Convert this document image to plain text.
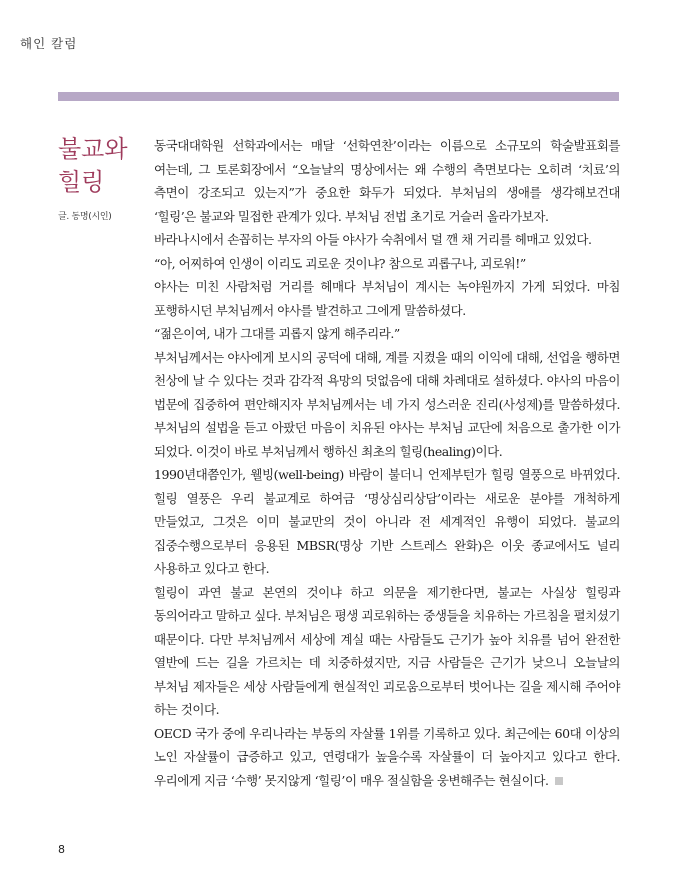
해인 칼럼
불교와
힐링
글. 동명(시인)

동국대대학원 선학과에서는 매달 ‘선학연찬’이라는 이름으로 소규모의 학술발표회를 여는데, 그 토론회장에서 “오늘날의 명상에서는 왜 수행의 측면보다는 오히려 ‘치료’의 측면이 강조되고 있는지”가 중요한 화두가 되었다. 부처님의 생애를 생각해보건대 ‘힐링’은 불교와 밀접한 관계가 있다. 부처님 전법 초기로 거슬러 올라가보자.

바라나시에서 손꼽히는 부자의 아들 야사가 숙취에서 덜 깬 채 거리를 헤매고 있었다.

“아, 어찌하여 인생이 이리도 괴로운 것이냐? 참으로 괴롭구나, 괴로워!”

야사는 미친 사람처럼 거리를 헤매다 부처님이 계시는 녹야원까지 가게 되었다. 마침 포행하시던 부처님께서 야사를 발견하고 그에게 말씀하셨다.

“젊은이여, 내가 그대를 괴롭지 않게 해주리라.”

부처님께서는 야사에게 보시의 공덕에 대해, 계를 지켰을 때의 이익에 대해, 선업을 행하면 천상에 날 수 있다는 것과 감각적 욕망의 덧없음에 대해 차례대로 설하셨다. 야사의 마음이 법문에 집중하여 편안해지자 부처님께서는 네 가지 성스러운 진리(사성제)를 말씀하셨다. 부처님의 설법을 듣고 아팠던 마음이 치유된 야사는 부처님 교단에 처음으로 출가한 이가 되었다. 이것이 바로 부처님께서 행하신 최초의 힐링(healing)이다.

1990년대쯤인가, 웰빙(well-being) 바람이 불더니 언제부턴가 힐링 열풍으로 바뀌었다. 힐링 열풍은 우리 불교계로 하여금 ‘명상심리상담’이라는 새로운 분야를 개척하게 만들었고, 그것은 이미 불교만의 것이 아니라 전 세계적인 유행이 되었다. 불교의 집중수행으로부터 응용된 MBSR(명상 기반 스트레스 완화)은 이웃 종교에서도 널리 사용하고 있다고 한다.

힐링이 과연 불교 본연의 것이냐 하고 의문을 제기한다면, 불교는 사실상 힐링과 동의어라고 말하고 싶다. 부처님은 평생 괴로워하는 중생들을 치유하는 가르침을 펼치셨기 때문이다. 다만 부처님께서 세상에 계실 때는 사람들도 근기가 높아 치유를 넘어 완전한 열반에 드는 길을 가르치는 데 치중하셨지만, 지금 사람들은 근기가 낮으니 오늘날의 부처님 제자들은 세상 사람들에게 현실적인 괴로움으로부터 벗어나는 길을 제시해 주어야 하는 것이다.

OECD 국가 중에 우리나라는 부동의 자살률 1위를 기록하고 있다. 최근에는 60대 이상의 노인 자살률이 급증하고 있고, 연령대가 높을수록 자살률이 더 높아지고 있다고 한다. 우리에게 지금 ‘수행’ 못지않게 ‘힐링’이 매우 절실함을 웅변해주는 현실이다.

8
